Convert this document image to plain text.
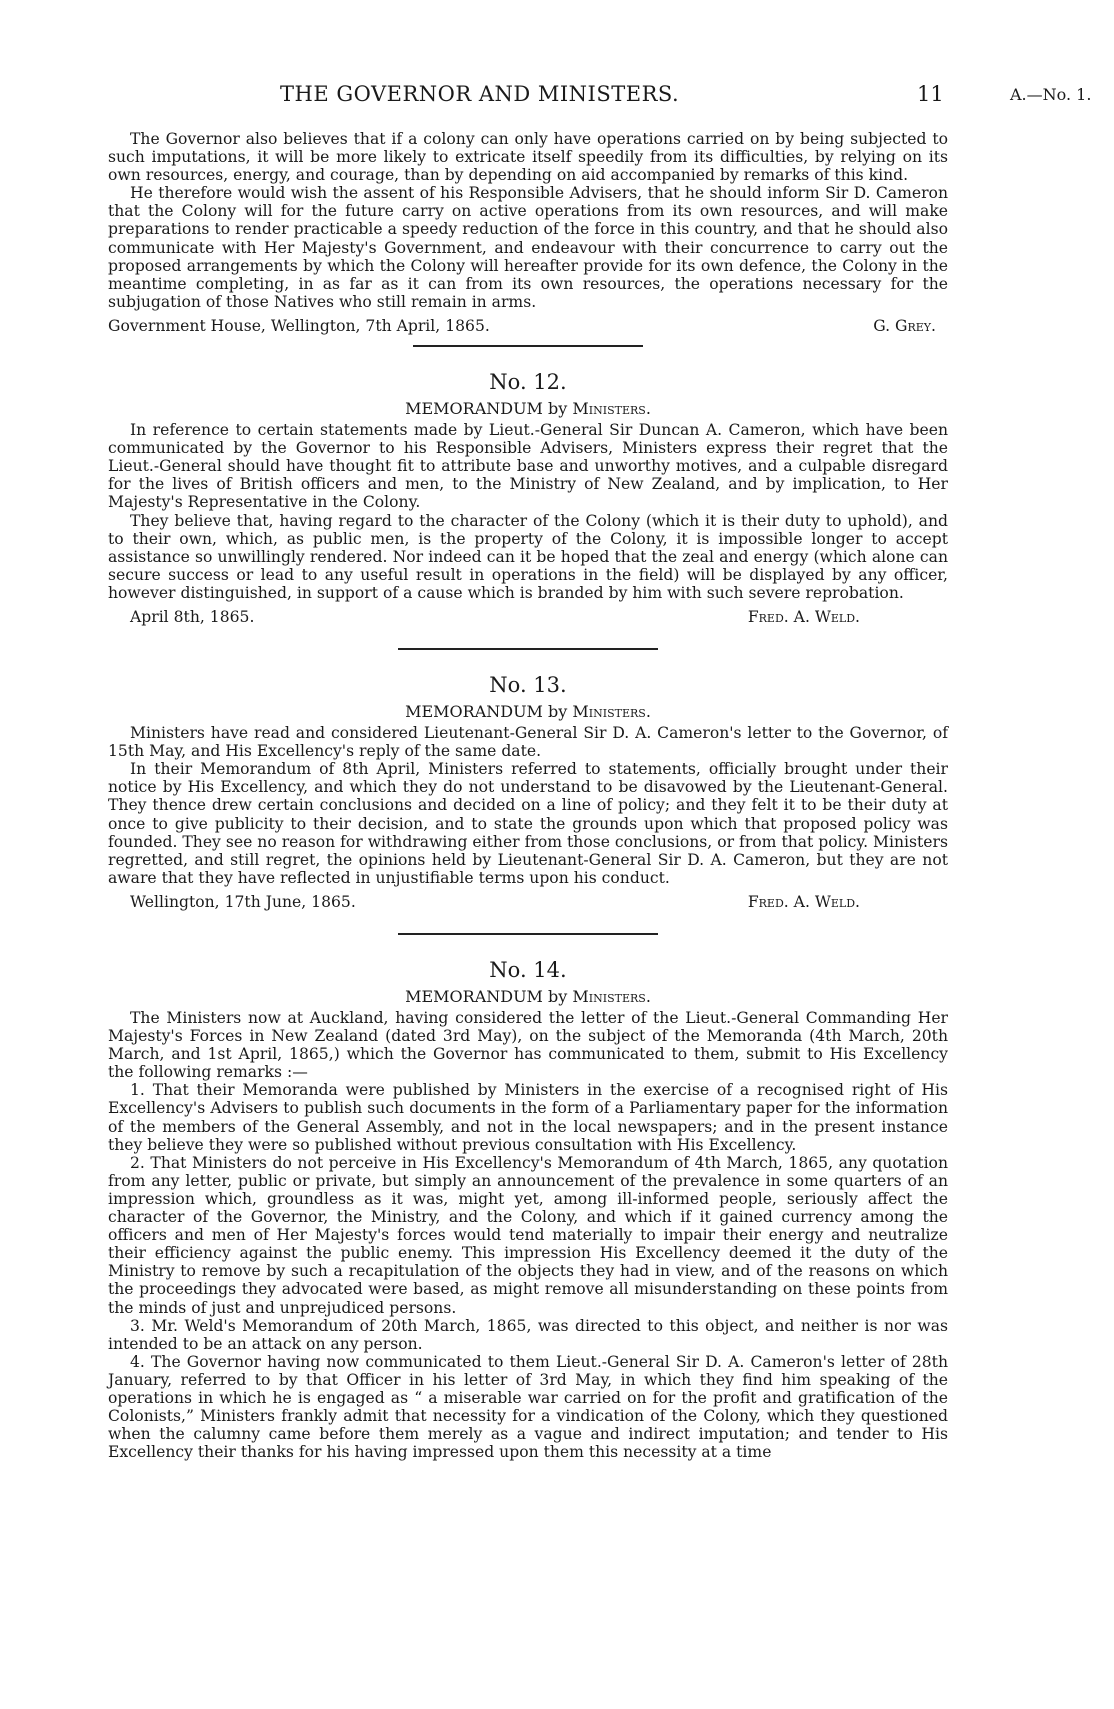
THE GOVERNOR AND MINISTERS.	11	A.—No. 1.

The Governor also believes that if a colony can only have operations carried on by being subjected to such imputations, it will be more likely to extricate itself speedily from its difficulties, by relying on its own resources, energy, and courage, than by depending on aid accompanied by remarks of this kind.

He therefore would wish the assent of his Responsible Advisers, that he should inform Sir D. Cameron that the Colony will for the future carry on active operations from its own resources, and will make preparations to render practicable a speedy reduction of the force in this country, and that he should also communicate with Her Majesty's Government, and endeavour with their concurrence to carry out the proposed arrangements by which the Colony will hereafter provide for its own defence, the Colony in the meantime completing, in as far as it can from its own resources, the operations necessary for the subjugation of those Natives who still remain in arms.

Government House, Wellington, 7th April, 1865.	G. Grey.
No. 12.
MEMORANDUM by Ministers.

In reference to certain statements made by Lieut.-General Sir Duncan A. Cameron, which have been communicated by the Governor to his Responsible Advisers, Ministers express their regret that the Lieut.-General should have thought fit to attribute base and unworthy motives, and a culpable disregard for the lives of British officers and men, to the Ministry of New Zealand, and by implication, to Her Majesty's Representative in the Colony.

They believe that, having regard to the character of the Colony (which it is their duty to uphold), and to their own, which, as public men, is the property of the Colony, it is impossible longer to accept assistance so unwillingly rendered. Nor indeed can it be hoped that the zeal and energy (which alone can secure success or lead to any useful result in operations in the field) will be displayed by any officer, however distinguished, in support of a cause which is branded by him with such severe reprobation.

April 8th, 1865.	Fred. A. Weld.
No. 13.
MEMORANDUM by Ministers.

Ministers have read and considered Lieutenant-General Sir D. A. Cameron's letter to the Governor, of 15th May, and His Excellency's reply of the same date.

In their Memorandum of 8th April, Ministers referred to statements, officially brought under their notice by His Excellency, and which they do not understand to be disavowed by the Lieutenant-General. They thence drew certain conclusions and decided on a line of policy; and they felt it to be their duty at once to give publicity to their decision, and to state the grounds upon which that proposed policy was founded. They see no reason for withdrawing either from those conclusions, or from that policy. Ministers regretted, and still regret, the opinions held by Lieutenant-General Sir D. A. Cameron, but they are not aware that they have reflected in unjustifiable terms upon his conduct.

Wellington, 17th June, 1865.	Fred. A. Weld.
No. 14.
MEMORANDUM by Ministers.

The Ministers now at Auckland, having considered the letter of the Lieut.-General Commanding Her Majesty's Forces in New Zealand (dated 3rd May), on the subject of the Memoranda (4th March, 20th March, and 1st April, 1865,) which the Governor has communicated to them, submit to His Excellency the following remarks :—

1. That their Memoranda were published by Ministers in the exercise of a recognised right of His Excellency's Advisers to publish such documents in the form of a Parliamentary paper for the information of the members of the General Assembly, and not in the local newspapers; and in the present instance they believe they were so published without previous consultation with His Excellency.

2. That Ministers do not perceive in His Excellency's Memorandum of 4th March, 1865, any quotation from any letter, public or private, but simply an announcement of the prevalence in some quarters of an impression which, groundless as it was, might yet, among ill-informed people, seriously affect the character of the Governor, the Ministry, and the Colony, and which if it gained currency among the officers and men of Her Majesty's forces would tend materially to impair their energy and neutralize their efficiency against the public enemy. This impression His Excellency deemed it the duty of the Ministry to remove by such a recapitulation of the objects they had in view, and of the reasons on which the proceedings they advocated were based, as might remove all misunderstanding on these points from the minds of just and unprejudiced persons.

3. Mr. Weld's Memorandum of 20th March, 1865, was directed to this object, and neither is nor was intended to be an attack on any person.

4. The Governor having now communicated to them Lieut.-General Sir D. A. Cameron's letter of 28th January, referred to by that Officer in his letter of 3rd May, in which they find him speaking of the operations in which he is engaged as “ a miserable war carried on for the profit and gratification of the Colonists,” Ministers frankly admit that necessity for a vindication of the Colony, which they questioned when the calumny came before them merely as a vague and indirect imputation; and tender to His Excellency their thanks for his having impressed upon them this necessity at a time
